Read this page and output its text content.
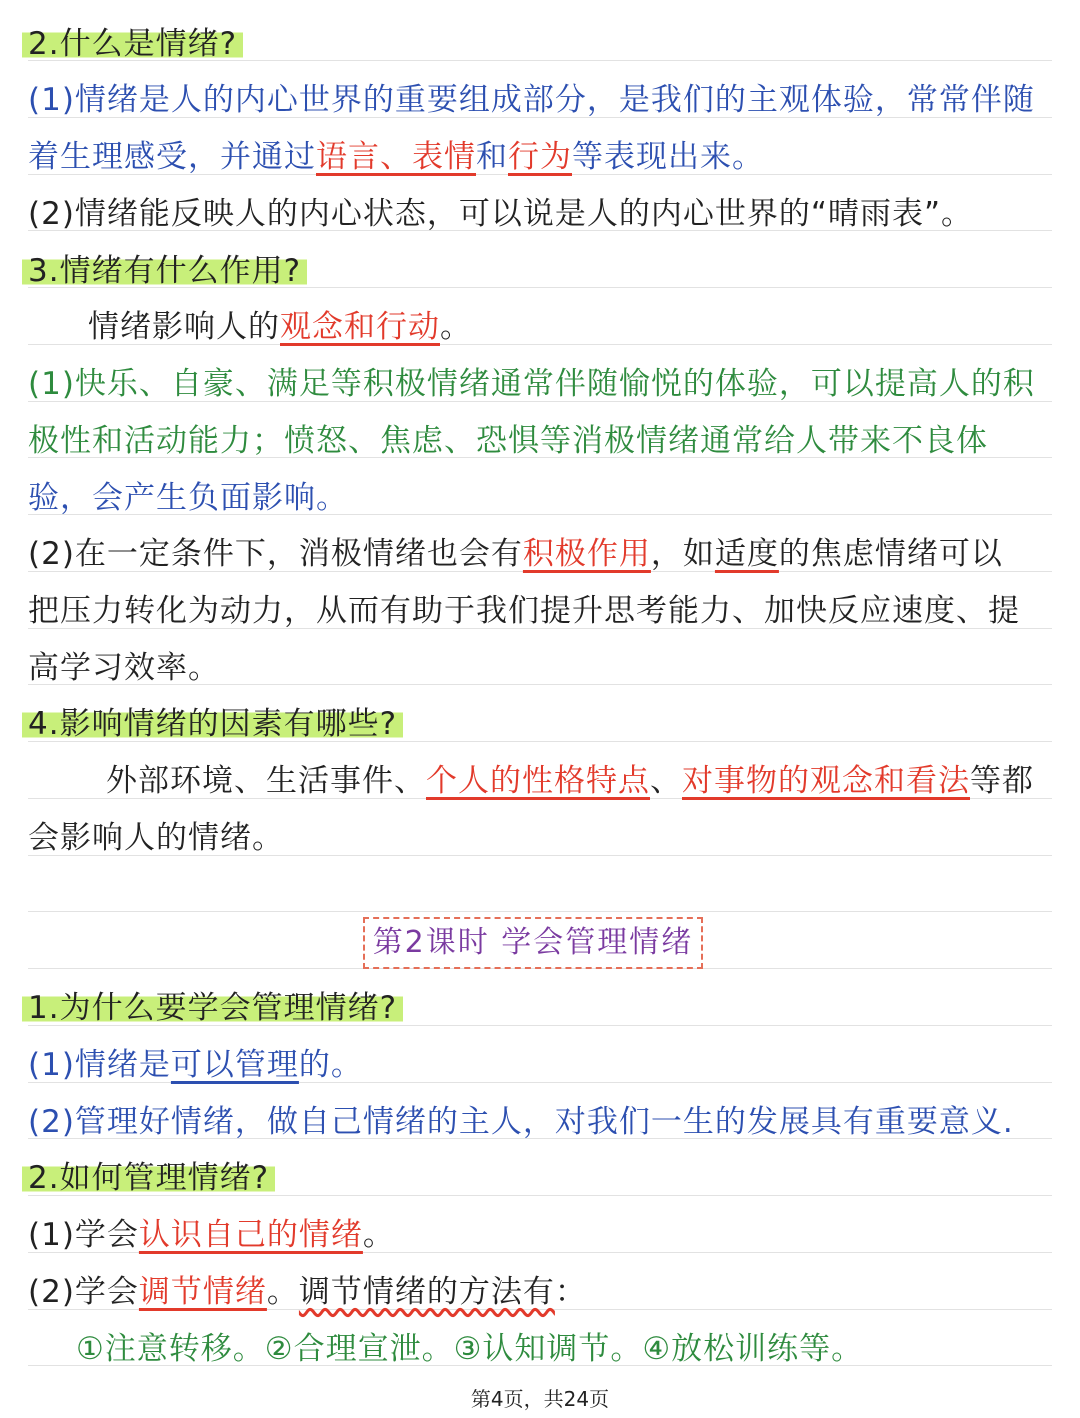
2.什么是情绪?
(1)情绪是人的内心世界的重要组成部分，是我们的主观体验，常常伴随
着生理感受，并通过语言、表情和行为等表现出来。
(2)情绪能反映人的内心状态，可以说是人的内心世界的“晴雨表”。
3.情绪有什么作用?
情绪影响人的观念和行动。
(1)快乐、自豪、满足等积极情绪通常伴随愉悦的体验，可以提高人的积
极性和活动能力；愤怒、焦虑、恐惧等消极情绪通常给人带来不良体
验，会产生负面影响。
(2)在一定条件下，消极情绪也会有积极作用，如适度的焦虑情绪可以
把压力转化为动力，从而有助于我们提升思考能力、加快反应速度、提
高学习效率。
4.影响情绪的因素有哪些?
外部环境、生活事件、个人的性格特点、对事物的观念和看法等都
会影响人的情绪。
第2课时 学会管理情绪
1.为什么要学会管理情绪?
(1)情绪是可以管理的。
(2)管理好情绪，做自己情绪的主人，对我们一生的发展具有重要意义.
2.如何管理情绪?
(1)学会认识自己的情绪。
(2)学会调节情绪。调节情绪的方法有：
①注意转移。②合理宣泄。③认知调节。④放松训练等。
第4页，共24页
